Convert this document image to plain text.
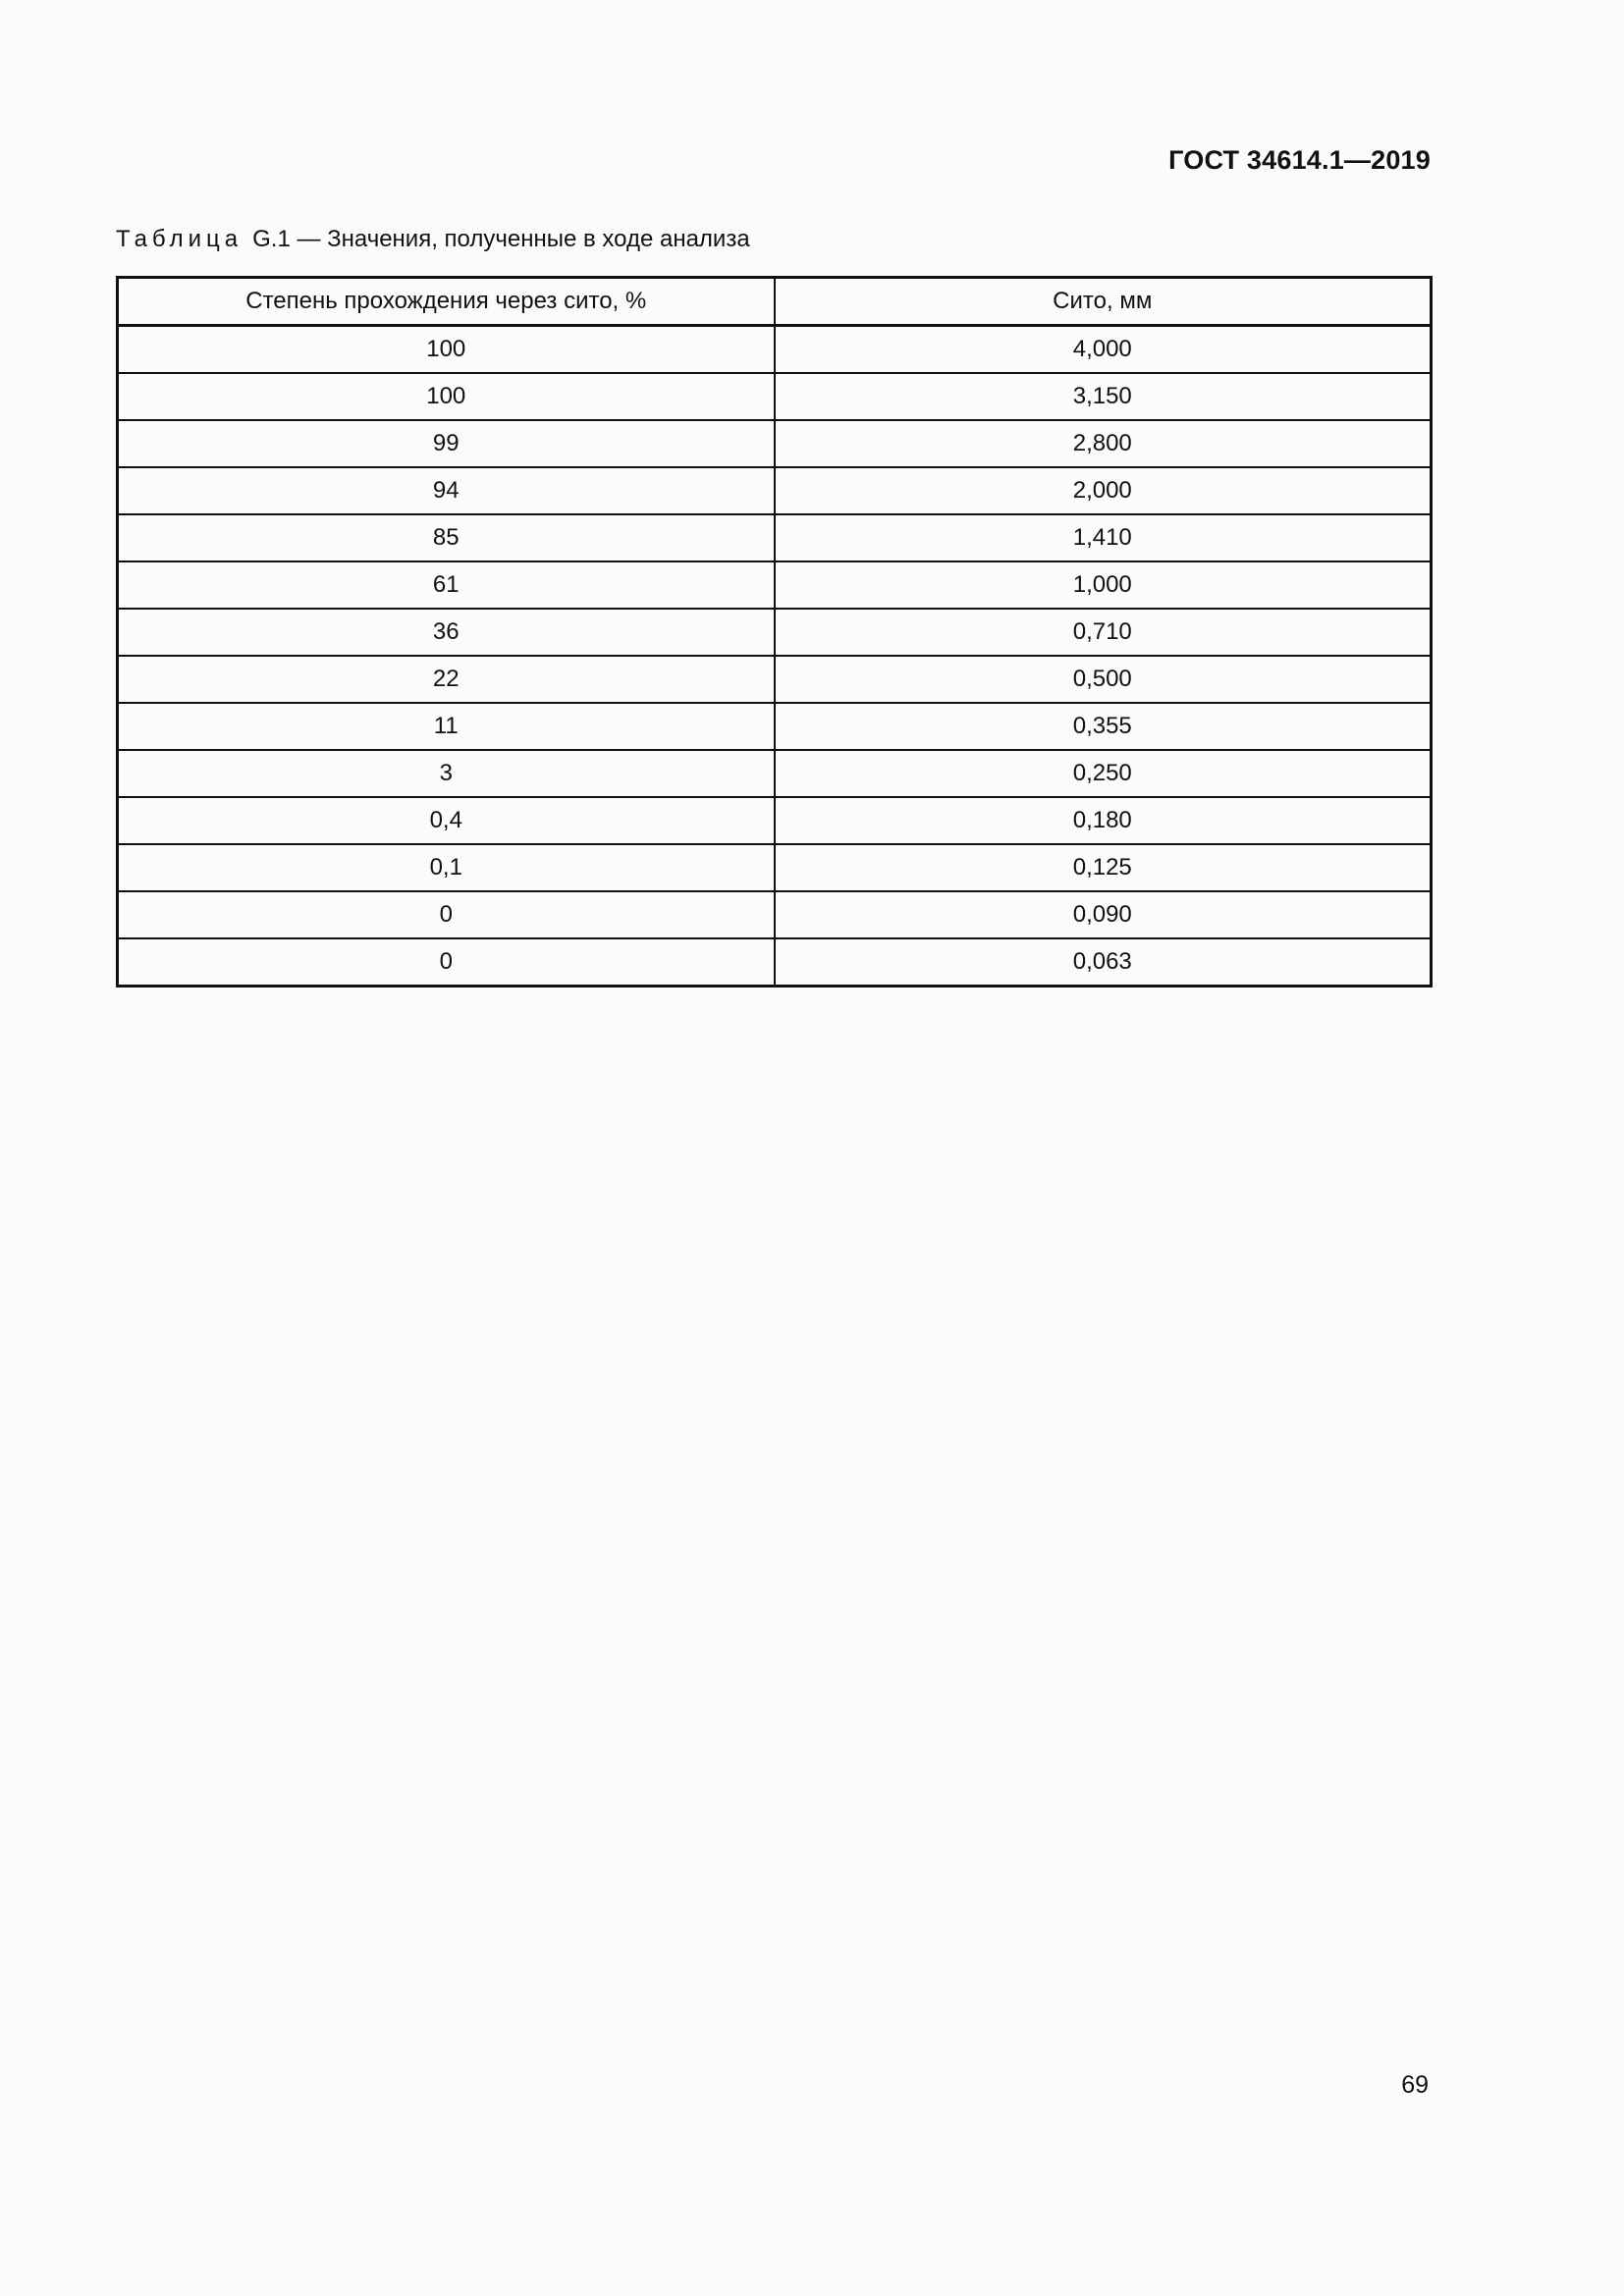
ГОСТ 34614.1—2019
Таблица G.1 — Значения, полученные в ходе анализа
Степень прохождения через сито, %	Сито, мм
100	4,000
100	3,150
99	2,800
94	2,000
85	1,410
61	1,000
36	0,710
22	0,500
11	0,355
3	0,250
0,4	0,180
0,1	0,125
0	0,090
0	0,063
69
